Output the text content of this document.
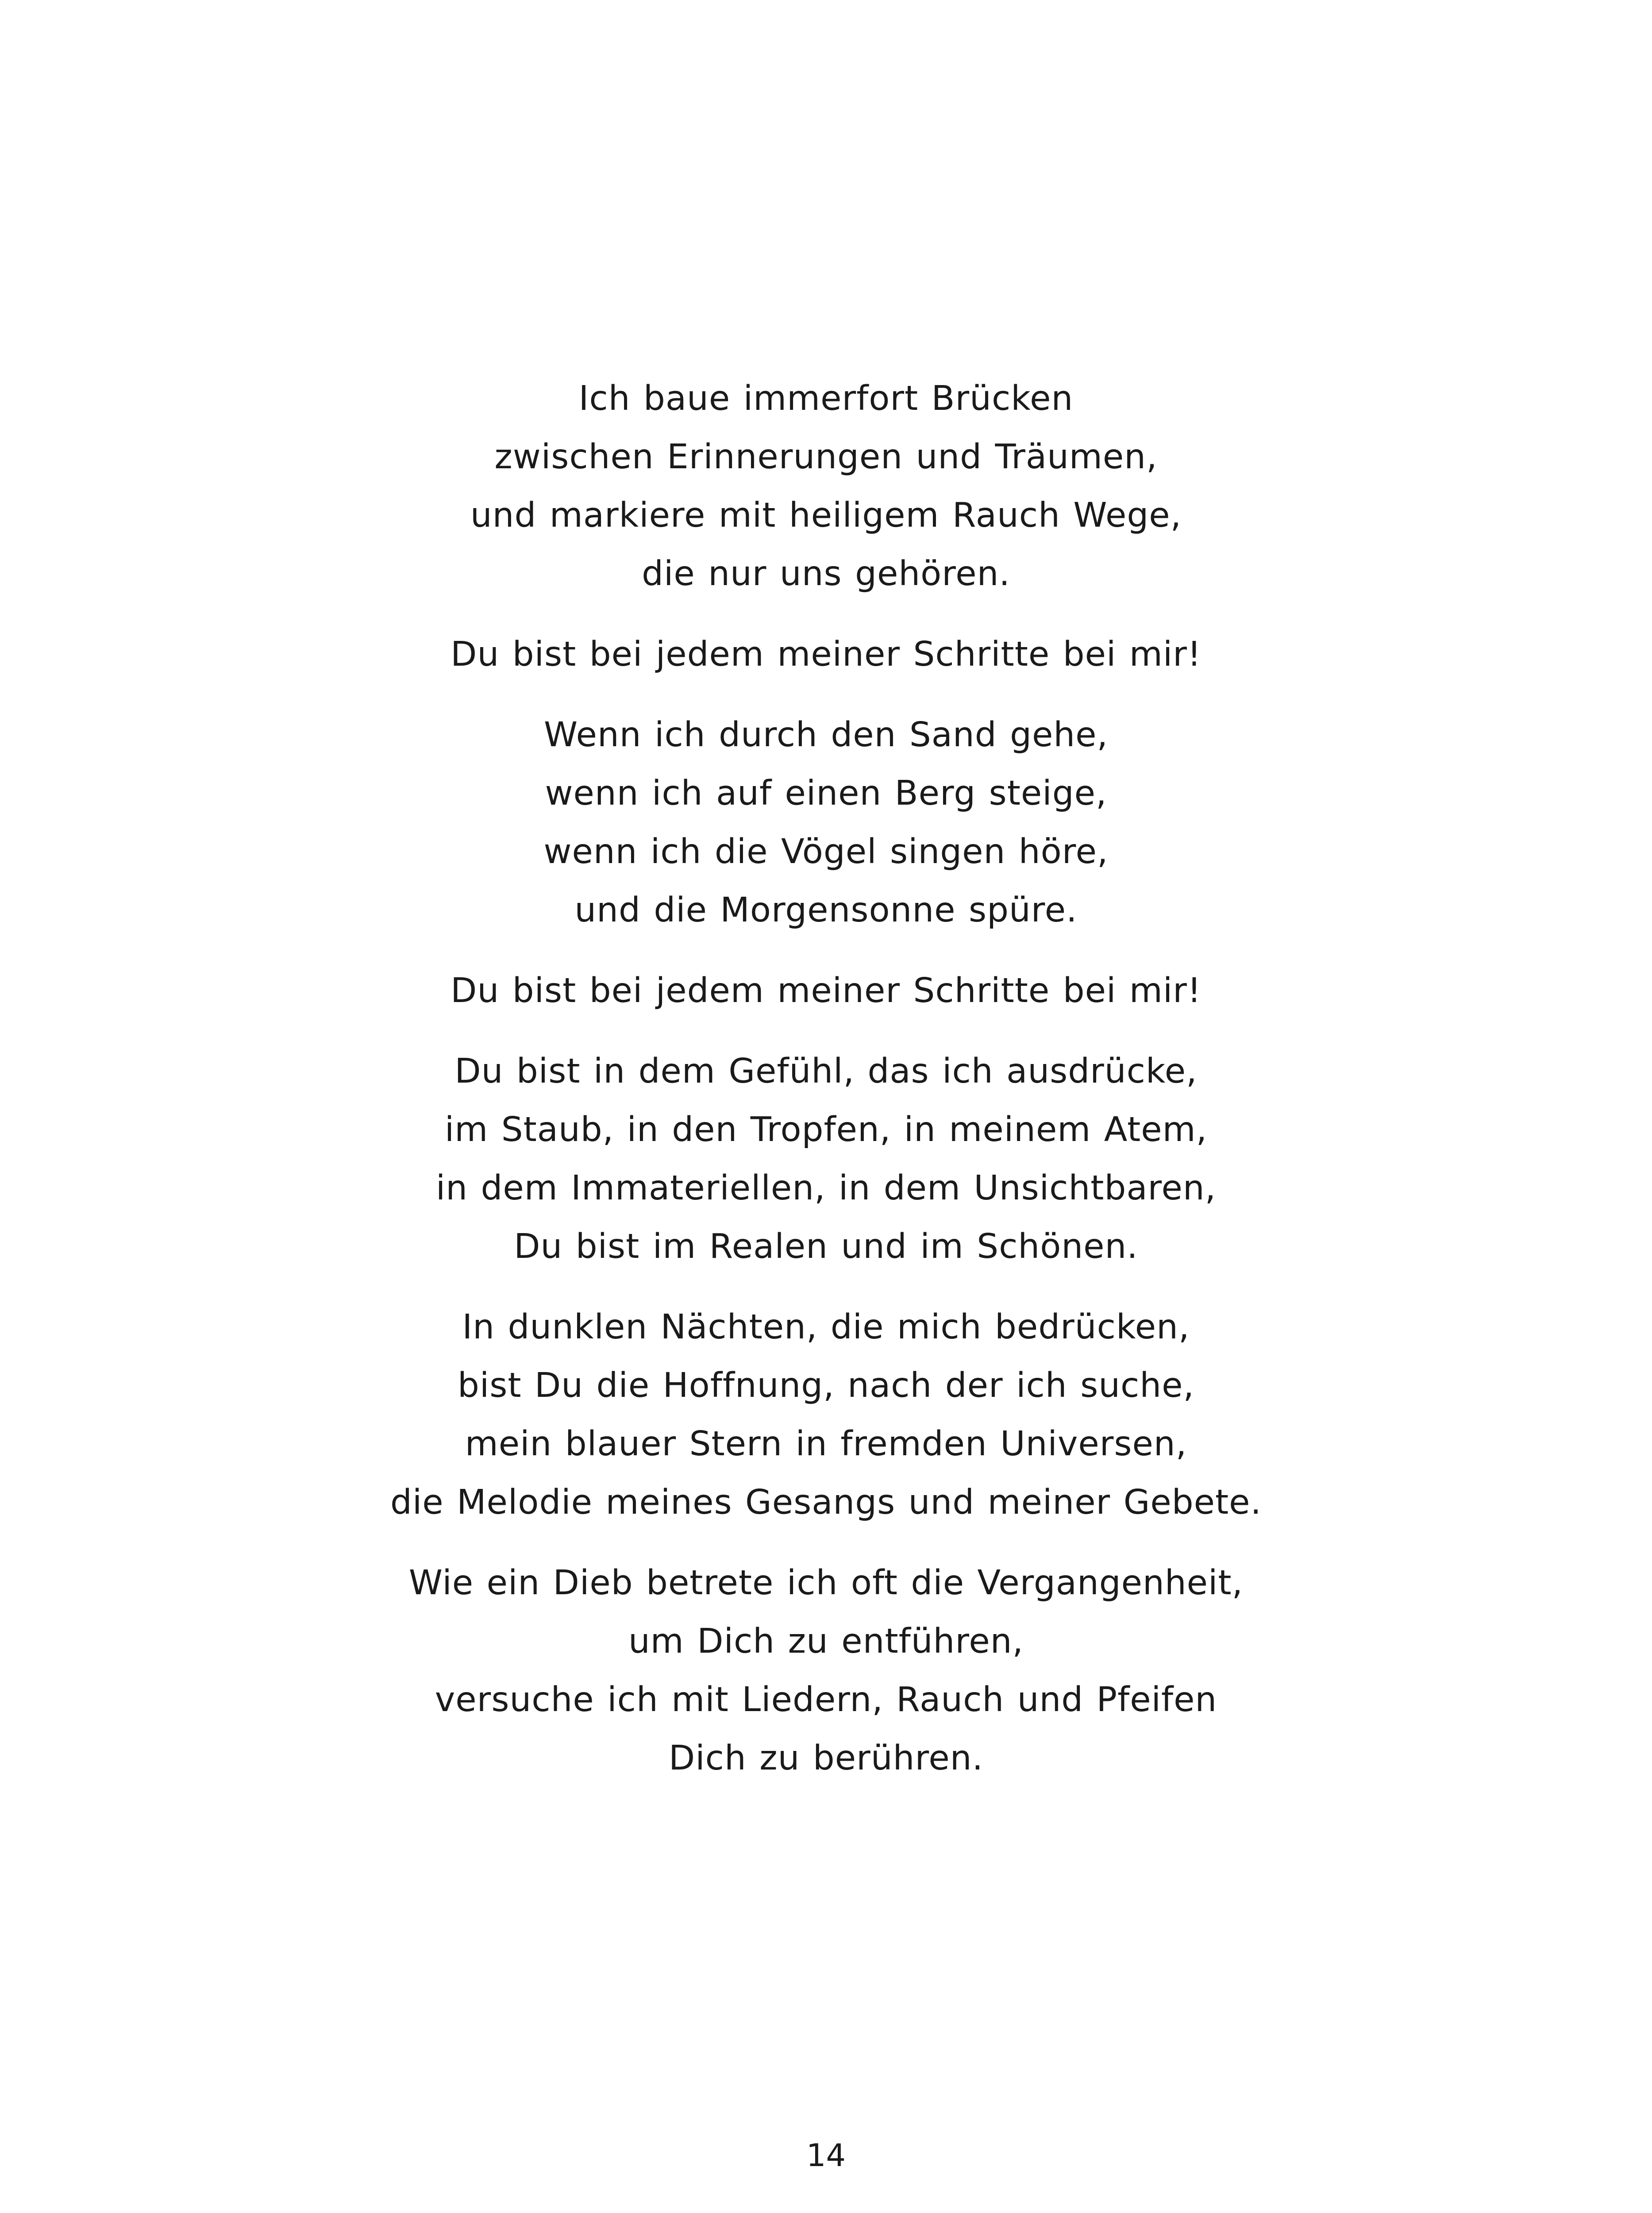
Ich baue immerfort Brücken
zwischen Erinnerungen und Träumen,
und markiere mit heiligem Rauch Wege,
die nur uns gehören.
Du bist bei jedem meiner Schritte bei mir!
Wenn ich durch den Sand gehe,
wenn ich auf einen Berg steige,
wenn ich die Vögel singen höre,
und die Morgensonne spüre.
Du bist bei jedem meiner Schritte bei mir!
Du bist in dem Gefühl, das ich ausdrücke,
im Staub, in den Tropfen, in meinem Atem,
in dem Immateriellen, in dem Unsichtbaren,
Du bist im Realen und im Schönen.
In dunklen Nächten, die mich bedrücken,
bist Du die Hoffnung, nach der ich suche,
mein blauer Stern in fremden Universen,
die Melodie meines Gesangs und meiner Gebete.
Wie ein Dieb betrete ich oft die Vergangenheit,
um Dich zu entführen,
versuche ich mit Liedern, Rauch und Pfeifen
Dich zu berühren.
14
